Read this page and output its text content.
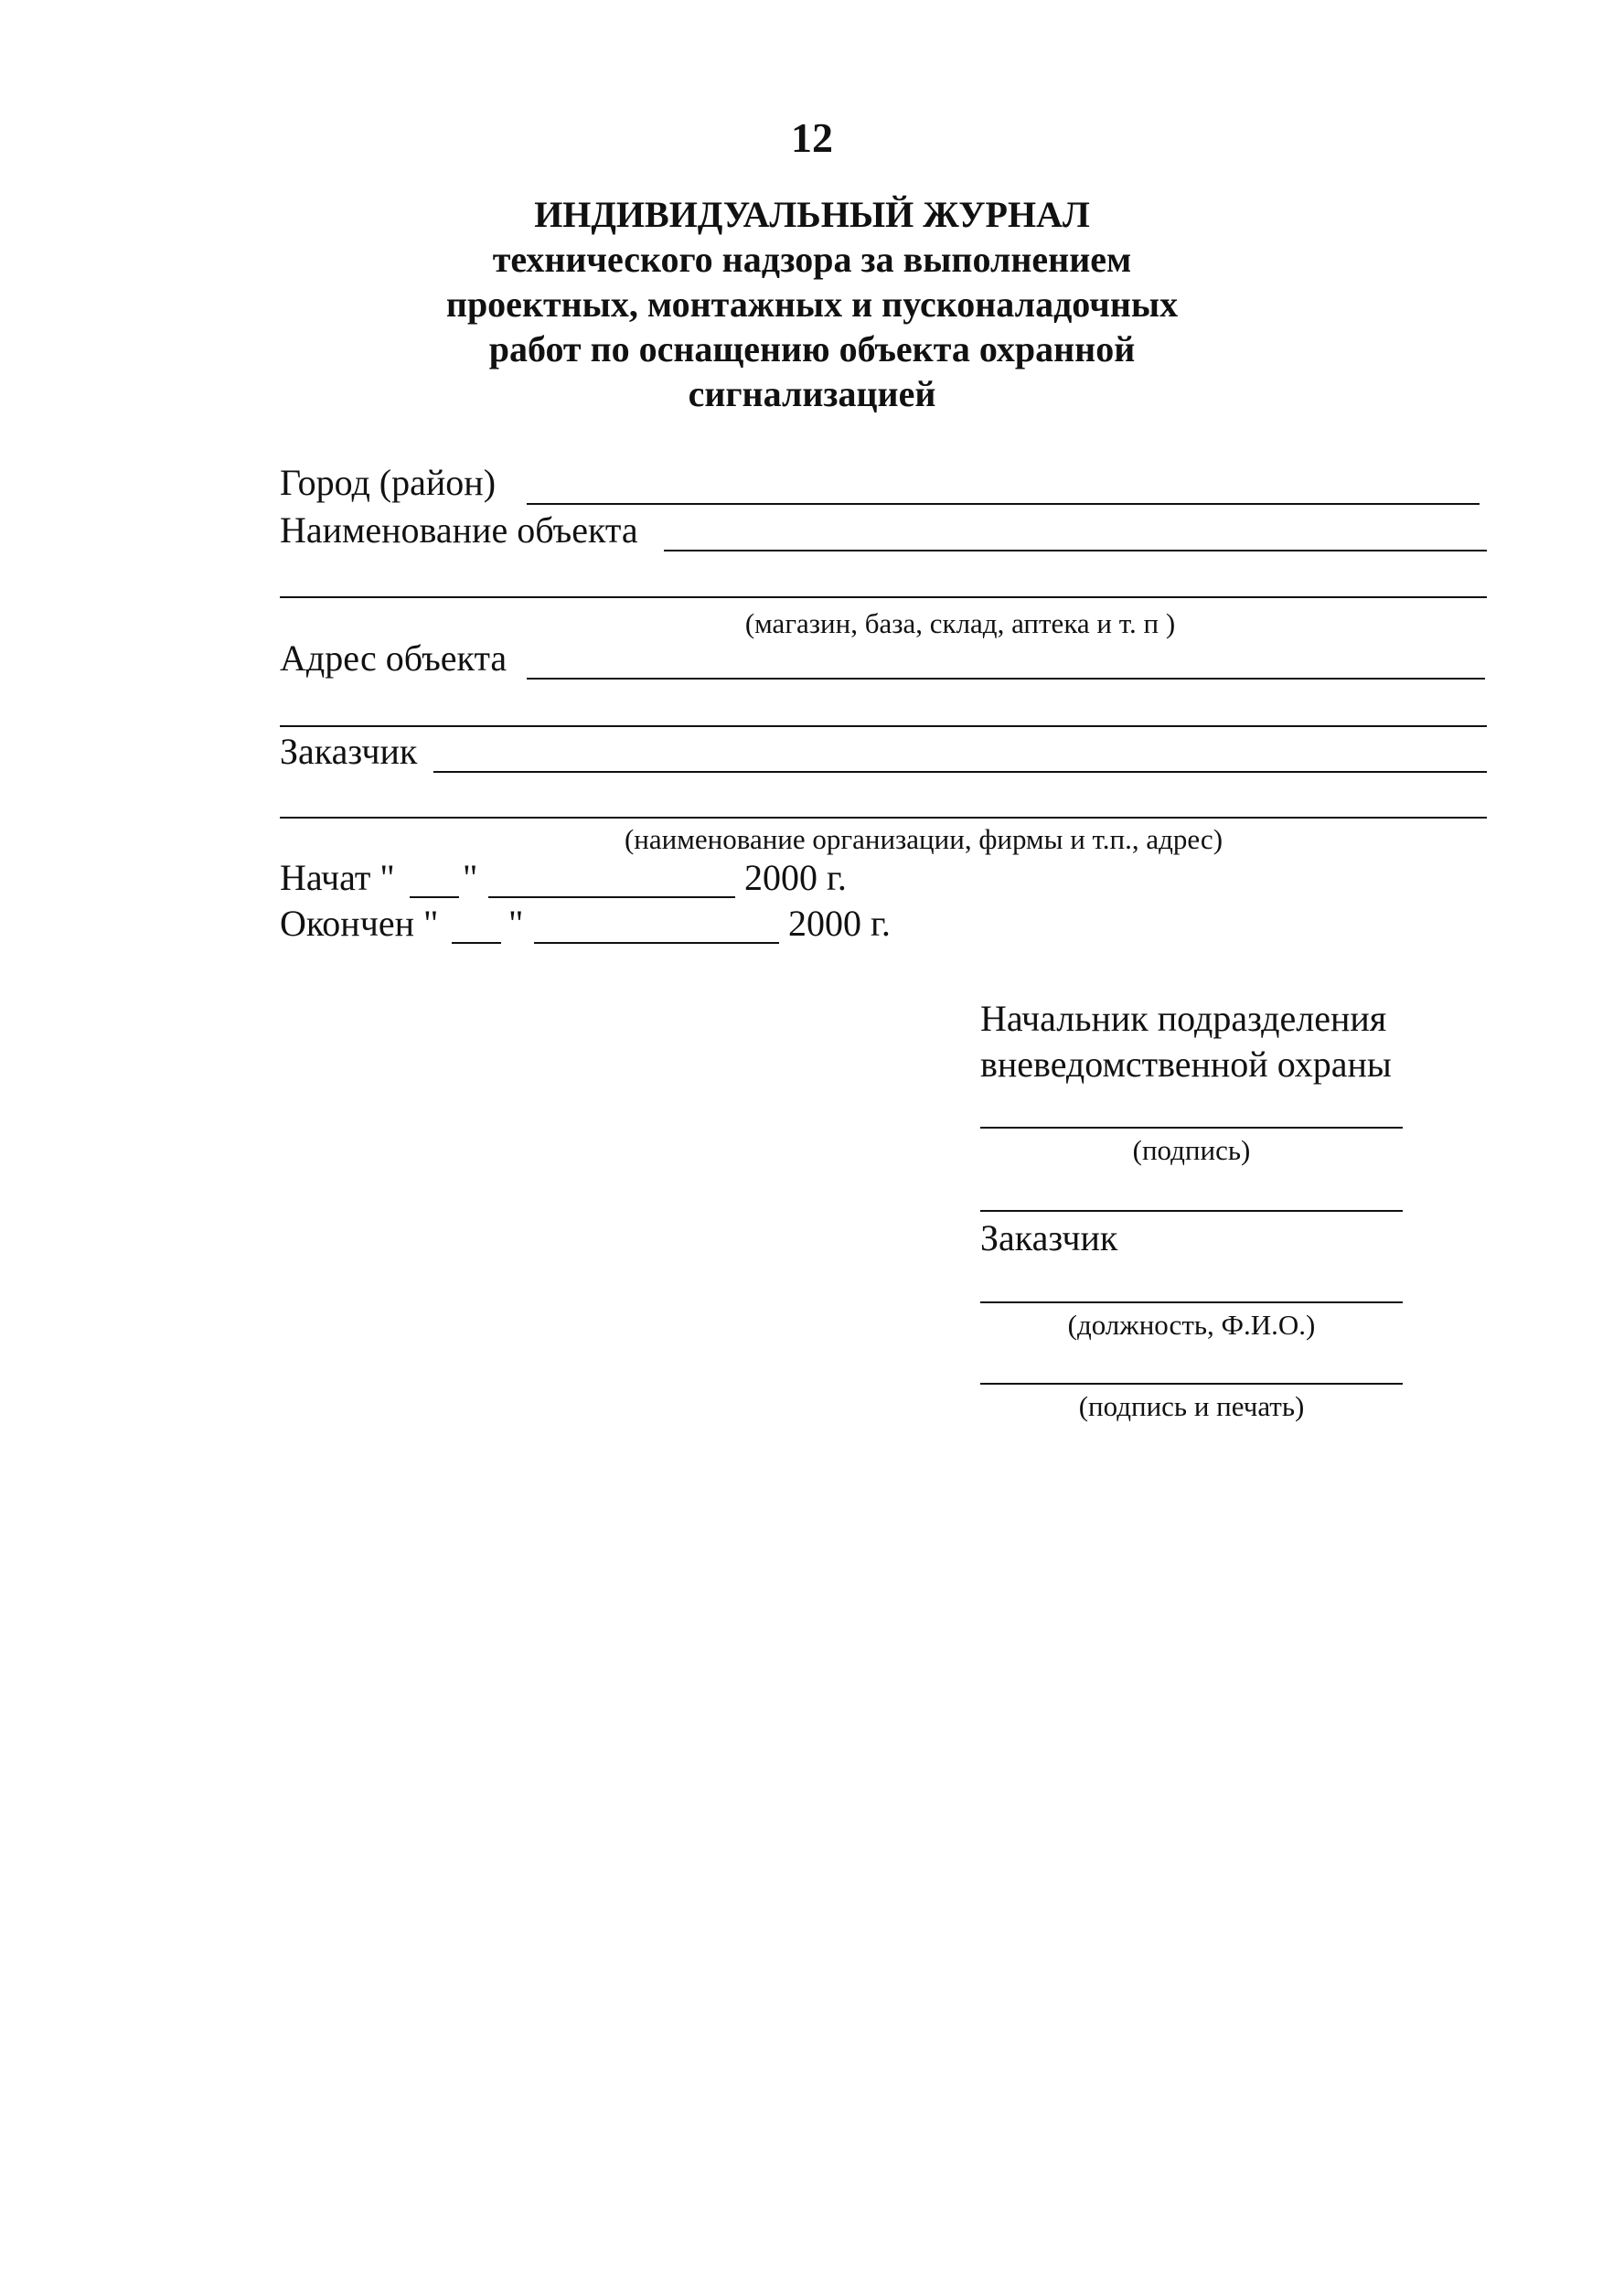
12
ИНДИВИДУАЛЬНЫЙ ЖУРНАЛ
технического надзора за выполнением
проектных, монтажных и пусконаладочных
работ по оснащению объекта охранной
сигнализацией
Город (район)
Наименование объекта
(магазин, база, склад, аптека и т. п )
Адрес объекта
Заказчик
(наименование организации, фирмы и т.п., адрес)
Начат " "	2000 г.
Окончен " "	2000 г.
Начальник подразделения
вневедомственной охраны
(подпись)
Заказчик
(должность, Ф.И.О.)
(подпись и печать)
